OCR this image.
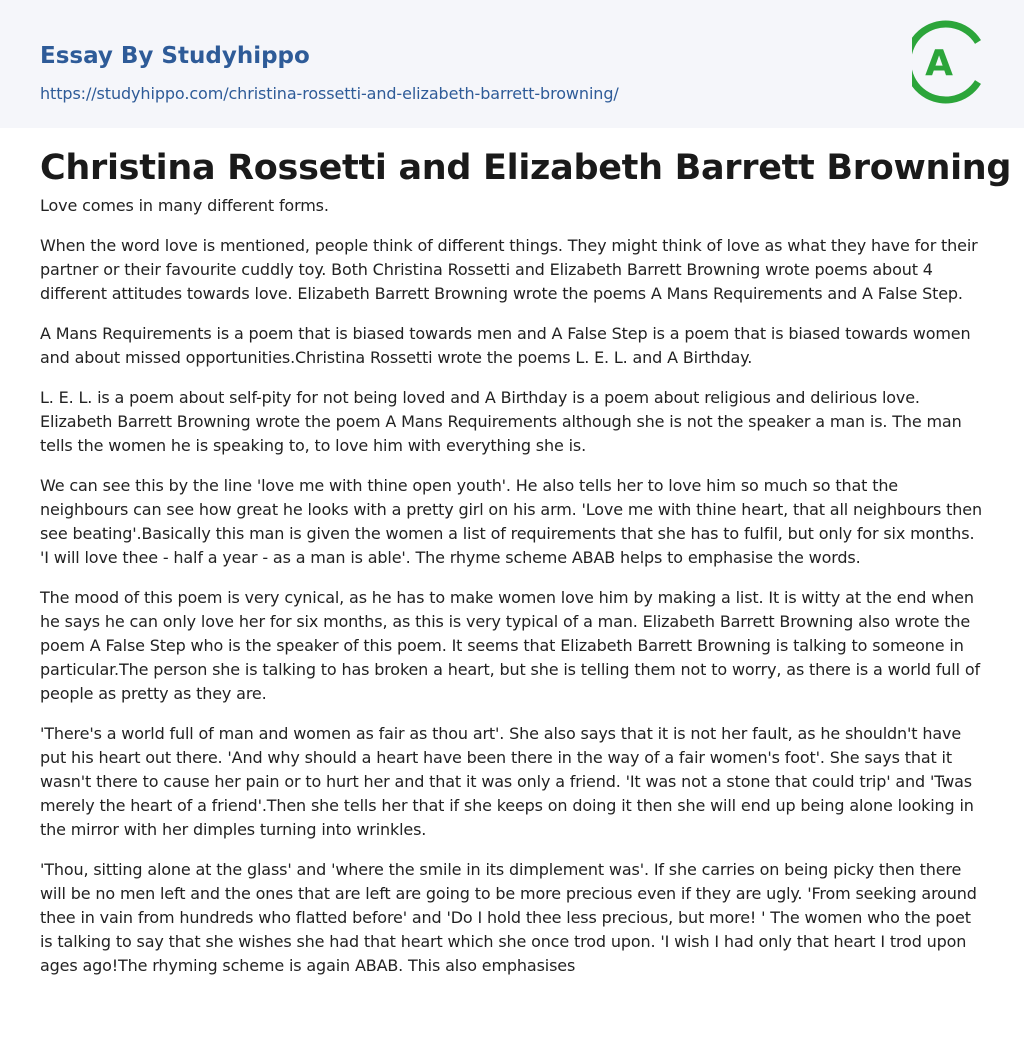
Essay By Studyhippo
https://studyhippo.com/christina-rossetti-and-elizabeth-barrett-browning/
A
Christina Rossetti and Elizabeth Barrett Browning

Love comes in many different forms.

When the word love is mentioned, people think of different things. They might think of love as what they have for their partner or their favourite cuddly toy. Both Christina Rossetti and Elizabeth Barrett Browning wrote poems about 4 different attitudes towards love. Elizabeth Barrett Browning wrote the poems A Mans Requirements and A False Step.

A Mans Requirements is a poem that is biased towards men and A False Step is a poem that is biased towards women and about missed opportunities.Christina Rossetti wrote the poems L. E. L. and A Birthday.

L. E. L. is a poem about self-pity for not being loved and A Birthday is a poem about religious and delirious love. Elizabeth Barrett Browning wrote the poem A Mans Requirements although she is not the speaker a man is. The man tells the women he is speaking to, to love him with everything she is.

We can see this by the line 'love me with thine open youth'. He also tells her to love him so much so that the neighbours can see how great he looks with a pretty girl on his arm. 'Love me with thine heart, that all neighbours then see beating'.Basically this man is given the women a list of requirements that she has to fulfil, but only for six months. 'I will love thee - half a year - as a man is able'. The rhyme scheme ABAB helps to emphasise the words.

The mood of this poem is very cynical, as he has to make women love him by making a list. It is witty at the end when he says he can only love her for six months, as this is very typical of a man. Elizabeth Barrett Browning also wrote the poem A False Step who is the speaker of this poem. It seems that Elizabeth Barrett Browning is talking to someone in particular.The person she is talking to has broken a heart, but she is telling them not to worry, as there is a world full of people as pretty as they are.

'There's a world full of man and women as fair as thou art'. She also says that it is not her fault, as he shouldn't have put his heart out there. 'And why should a heart have been there in the way of a fair women's foot'. She says that it wasn't there to cause her pain or to hurt her and that it was only a friend. 'It was not a stone that could trip' and 'Twas merely the heart of a friend'.Then she tells her that if she keeps on doing it then she will end up being alone looking in the mirror with her dimples turning into wrinkles.

'Thou, sitting alone at the glass' and 'where the smile in its dimplement was'. If she carries on being picky then there will be no men left and the ones that are left are going to be more precious even if they are ugly. 'From seeking around thee in vain from hundreds who flatted before' and 'Do I hold thee less precious, but more! ' The women who the poet is talking to say that she wishes she had that heart which she once trod upon. 'I wish I had only that heart I trod upon ages ago!The rhyming scheme is again ABAB. This also emphasises
